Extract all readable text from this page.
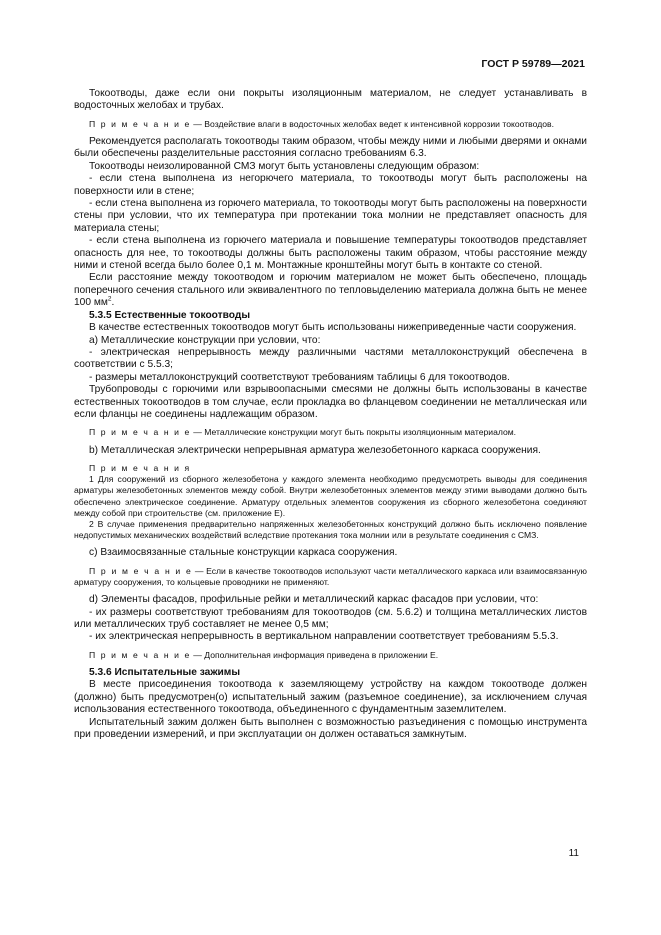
ГОСТ Р 59789—2021

Токоотводы, даже если они покрыты изоляционным материалом, не следует устанавливать в водосточных желобах и трубах.

П р и м е ч а н и е — Воздействие влаги в водосточных желобах ведет к интенсивной коррозии токоотводов.

Рекомендуется располагать токоотводы таким образом, чтобы между ними и любыми дверями и окнами были обеспечены разделительные расстояния согласно требованиям 6.3.

Токоотводы неизолированной СМЗ могут быть установлены следующим образом:

- если стена выполнена из негорючего материала, то токоотводы могут быть расположены на поверхности или в стене;

- если стена выполнена из горючего материала, то токоотводы могут быть расположены на поверхности стены при условии, что их температура при протекании тока молнии не представляет опасность для материала стены;

- если стена выполнена из горючего материала и повышение температуры токоотводов представляет опасность для нее, то токоотводы должны быть расположены таким образом, чтобы расстояние между ними и стеной всегда было более 0,1 м. Монтажные кронштейны могут быть в контакте со стеной.

Если расстояние между токоотводом и горючим материалом не может быть обеспечено, площадь поперечного сечения стального или эквивалентного по тепловыделению материала должна быть не менее 100 $мм^2$.

5.3.5 Естественные токоотводы

В качестве естественных токоотводов могут быть использованы нижеприведенные части сооружения.

а) Металлические конструкции при условии, что:

- электрическая непрерывность между различными частями металлоконструкций обеспечена в соответствии с 5.5.3;

- размеры металлоконструкций соответствуют требованиям таблицы 6 для токоотводов.

Трубопроводы с горючими или взрывоопасными смесями не должны быть использованы в качестве естественных токоотводов в том случае, если прокладка во фланцевом соединении не металлическая или если фланцы не соединены надлежащим образом.

П р и м е ч а н и е — Металлические конструкции могут быть покрыты изоляционным материалом.

b) Металлическая электрически непрерывная арматура железобетонного каркаса сооружения.

П р и м е ч а н и я

1 Для сооружений из сборного железобетона у каждого элемента необходимо предусмотреть выводы для соединения арматуры железобетонных элементов между собой. Внутри железобетонных элементов между этими выводами должно быть обеспечено электрическое соединение. Арматуру отдельных элементов сооружения из сборного железобетона соединяют между собой при строительстве (см. приложение Е).

2 В случае применения предварительно напряженных железобетонных конструкций должно быть исключено появление недопустимых механических воздействий вследствие протекания тока молнии или в результате соединения с СМЗ.

c) Взаимосвязанные стальные конструкции каркаса сооружения.

П р и м е ч а н и е — Если в качестве токоотводов используют части металлического каркаса или взаимосвязанную арматуру сооружения, то кольцевые проводники не применяют.

d) Элементы фасадов, профильные рейки и металлический каркас фасадов при условии, что:

- их размеры соответствуют требованиям для токоотводов (см. 5.6.2) и толщина металлических листов или металлических труб составляет не менее 0,5 мм;

- их электрическая непрерывность в вертикальном направлении соответствует требованиям 5.5.3.

П р и м е ч а н и е — Дополнительная информация приведена в приложении Е.

5.3.6 Испытательные зажимы

В месте присоединения токоотвода к заземляющему устройству на каждом токоотводе должен (должно) быть предусмотрен(о) испытательный зажим (разъемное соединение), за исключением случая использования естественного токоотвода, объединенного с фундаментным заземлителем.

Испытательный зажим должен быть выполнен с возможностью разъединения с помощью инструмента при проведении измерений, и при эксплуатации он должен оставаться замкнутым.

11
